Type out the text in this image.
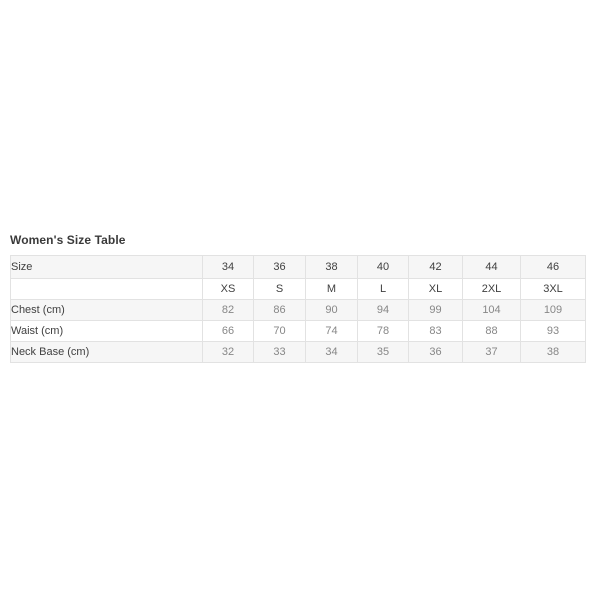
Women's Size Table
Size	34	36	38	40	42	44	46
	XS	S	M	L	XL	2XL	3XL
Chest (cm)	82	86	90	94	99	104	109
Waist (cm)	66	70	74	78	83	88	93
Neck Base (cm)	32	33	34	35	36	37	38
